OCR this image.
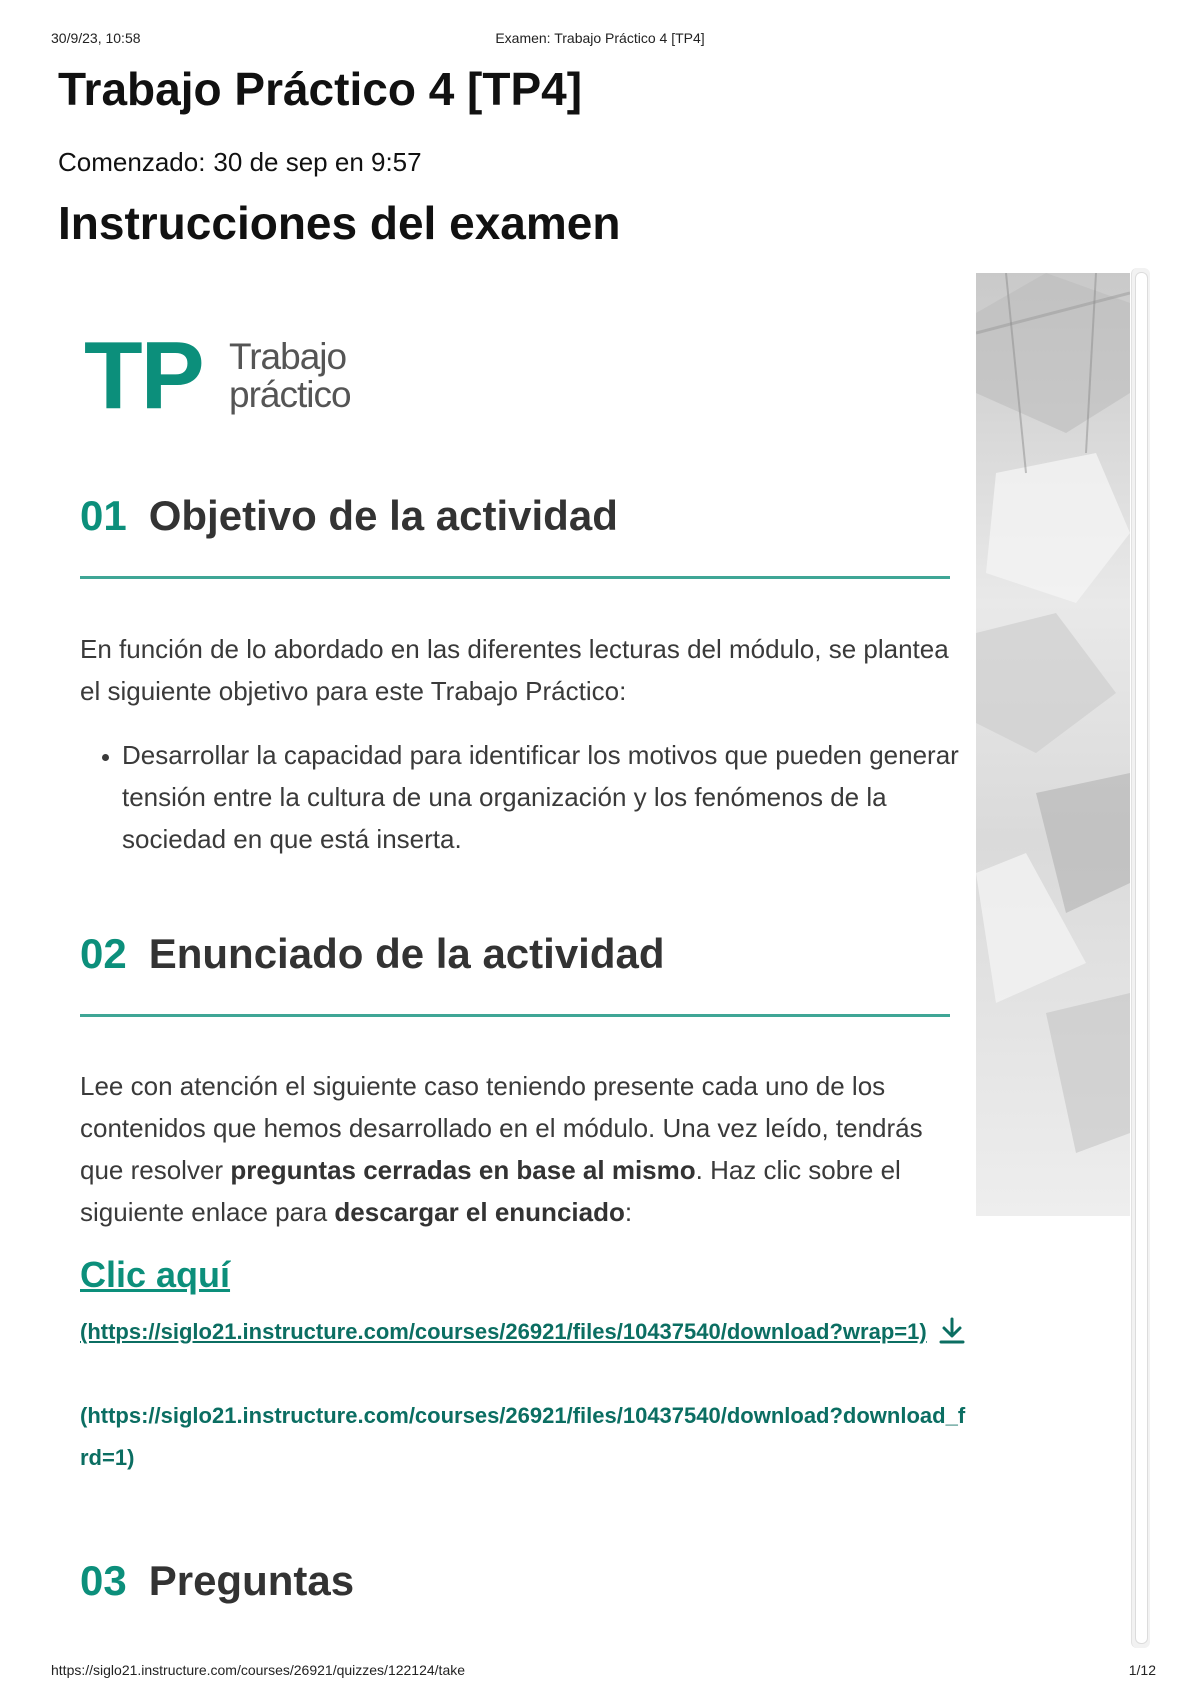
30/9/23, 10:58	Examen: Trabajo Práctico 4 [TP4]
Trabajo Práctico 4 [TP4]
Comenzado: 30 de sep en 9:57
Instrucciones del examen
TP Trabajo
práctico
01 Objetivo de la actividad

En función de lo abordado en las diferentes lecturas del módulo, se plantea el siguiente objetivo para este Trabajo Práctico:

• Desarrollar la capacidad para identificar los motivos que pueden generar tensión entre la cultura de una organización y los fenómenos de la sociedad en que está inserta.
02 Enunciado de la actividad

Lee con atención el siguiente caso teniendo presente cada uno de los contenidos que hemos desarrollado en el módulo. Una vez leído, tendrás que resolver preguntas cerradas en base al mismo. Haz clic sobre el siguiente enlace para descargar el enunciado:

Clic aquí
(https://siglo21.instructure.com/courses/26921/files/10437540/download?wrap=1)
(https://siglo21.instructure.com/courses/26921/files/10437540/download?download_frd=1)
03 Preguntas
https://siglo21.instructure.com/courses/26921/quizzes/122124/take	1/12
